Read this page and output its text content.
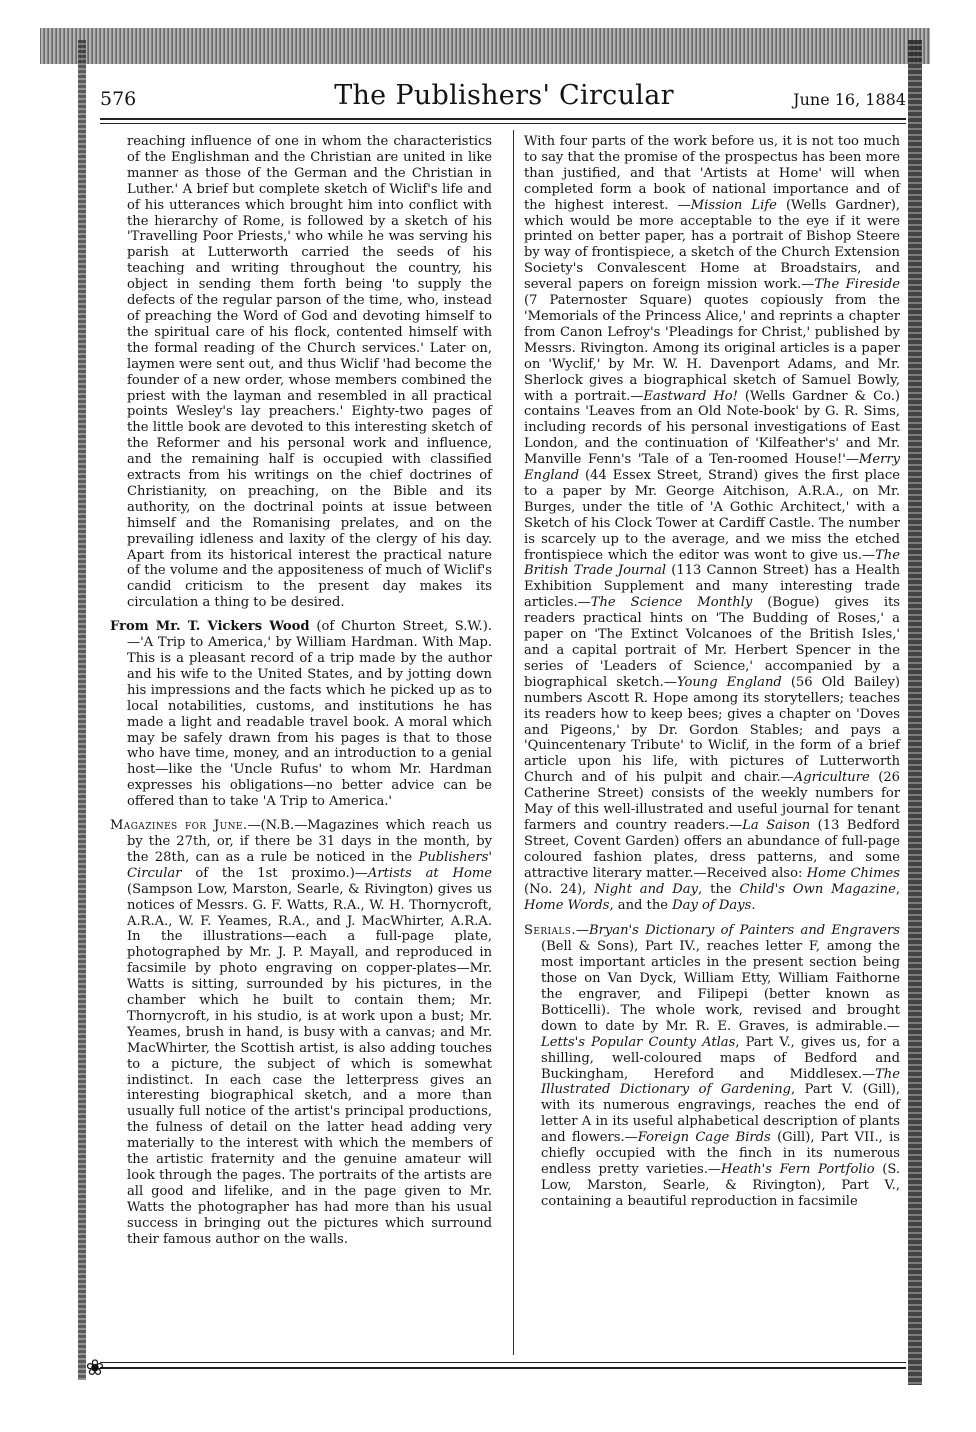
576	The Publishers' Circular	June 16, 1884

reaching influence of one in whom the characteristics of the Englishman and the Christian are united in like manner as those of the German and the Christian in Luther.' A brief but complete sketch of Wiclif's life and of his utterances which brought him into conflict with the hierarchy of Rome, is followed by a sketch of his 'Travelling Poor Priests,' who while he was serving his parish at Lutterworth carried the seeds of his teaching and writing throughout the country, his object in sending them forth being 'to supply the defects of the regular parson of the time, who, instead of preaching the Word of God and devoting himself to the spiritual care of his flock, contented himself with the formal reading of the Church services.' Later on, laymen were sent out, and thus Wiclif 'had become the founder of a new order, whose members combined the priest with the layman and resembled in all practical points Wesley's lay preachers.' Eighty-two pages of the little book are devoted to this interesting sketch of the Reformer and his personal work and influence, and the remaining half is occupied with classified extracts from his writings on the chief doctrines of Christianity, on preaching, on the Bible and its authority, on the doctrinal points at issue between himself and the Romanising prelates, and on the prevailing idleness and laxity of the clergy of his day. Apart from its historical interest the practical nature of the volume and the appositeness of much of Wiclif's candid criticism to the present day makes its circulation a thing to be desired.

From Mr. T. Vickers Wood (of Churton Street, S.W.).—'A Trip to America,' by William Hardman. With Map. This is a pleasant record of a trip made by the author and his wife to the United States, and by jotting down his impressions and the facts which he picked up as to local notabilities, customs, and institutions he has made a light and readable travel book. A moral which may be safely drawn from his pages is that to those who have time, money, and an introduction to a genial host—like the 'Uncle Rufus' to whom Mr. Hardman expresses his obligations—no better advice can be offered than to take 'A Trip to America.'

Magazines for June.—(N.B.—Magazines which reach us by the 27th, or, if there be 31 days in the month, by the 28th, can as a rule be noticed in the Publishers' Circular of the 1st proximo.)—Artists at Home (Sampson Low, Marston, Searle, & Rivington) gives us notices of Messrs. G. F. Watts, R.A., W. H. Thornycroft, A.R.A., W. F. Yeames, R.A., and J. MacWhirter, A.R.A. In the illustrations—each a full-page plate, photographed by Mr. J. P. Mayall, and reproduced in facsimile by photo engraving on copper-plates—Mr. Watts is sitting, surrounded by his pictures, in the chamber which he built to contain them; Mr. Thornycroft, in his studio, is at work upon a bust; Mr. Yeames, brush in hand, is busy with a canvas; and Mr. MacWhirter, the Scottish artist, is also adding touches to a picture, the subject of which is somewhat indistinct. In each case the letterpress gives an interesting biographical sketch, and a more than usually full notice of the artist's principal productions, the fulness of detail on the latter head adding very materially to the interest with which the members of the artistic fraternity and the genuine amateur will look through the pages. The portraits of the artists are all good and lifelike, and in the page given to Mr. Watts the photographer has had more than his usual success in bringing out the pictures which surround their famous author on the walls.

With four parts of the work before us, it is not too much to say that the promise of the prospectus has been more than justified, and that 'Artists at Home' will when completed form a book of national importance and of the highest interest. —Mission Life (Wells Gardner), which would be more acceptable to the eye if it were printed on better paper, has a portrait of Bishop Steere by way of frontispiece, a sketch of the Church Extension Society's Convalescent Home at Broadstairs, and several papers on foreign mission work.—The Fireside (7 Paternoster Square) quotes copiously from the 'Memorials of the Princess Alice,' and reprints a chapter from Canon Lefroy's 'Pleadings for Christ,' published by Messrs. Rivington. Among its original articles is a paper on 'Wyclif,' by Mr. W. H. Davenport Adams, and Mr. Sherlock gives a biographical sketch of Samuel Bowly, with a portrait.—Eastward Ho! (Wells Gardner & Co.) contains 'Leaves from an Old Note-book' by G. R. Sims, including records of his personal investigations of East London, and the continuation of 'Kilfeather's' and Mr. Manville Fenn's 'Tale of a Ten-roomed House!'—Merry England (44 Essex Street, Strand) gives the first place to a paper by Mr. George Aitchison, A.R.A., on Mr. Burges, under the title of 'A Gothic Architect,' with a Sketch of his Clock Tower at Cardiff Castle. The number is scarcely up to the average, and we miss the etched frontispiece which the editor was wont to give us.—The British Trade Journal (113 Cannon Street) has a Health Exhibition Supplement and many interesting trade articles.—The Science Monthly (Bogue) gives its readers practical hints on 'The Budding of Roses,' a paper on 'The Extinct Volcanoes of the British Isles,' and a capital portrait of Mr. Herbert Spencer in the series of 'Leaders of Science,' accompanied by a biographical sketch.—Young England (56 Old Bailey) numbers Ascott R. Hope among its storytellers; teaches its readers how to keep bees; gives a chapter on 'Doves and Pigeons,' by Dr. Gordon Stables; and pays a 'Quincentenary Tribute' to Wiclif, in the form of a brief article upon his life, with pictures of Lutterworth Church and of his pulpit and chair.—Agriculture (26 Catherine Street) consists of the weekly numbers for May of this well-illustrated and useful journal for tenant farmers and country readers.—La Saison (13 Bedford Street, Covent Garden) offers an abundance of full-page coloured fashion plates, dress patterns, and some attractive literary matter.—Received also: Home Chimes (No. 24), Night and Day, the Child's Own Magazine, Home Words, and the Day of Days.

Serials.—Bryan's Dictionary of Painters and Engravers (Bell & Sons), Part IV., reaches letter F, among the most important articles in the present section being those on Van Dyck, William Etty, William Faithorne the engraver, and Filipepi (better known as Botticelli). The whole work, revised and brought down to date by Mr. R. E. Graves, is admirable.—Letts's Popular County Atlas, Part V., gives us, for a shilling, well-coloured maps of Bedford and Buckingham, Hereford and Middlesex.—The Illustrated Dictionary of Gardening, Part V. (Gill), with its numerous engravings, reaches the end of letter A in its useful alphabetical description of plants and flowers.—Foreign Cage Birds (Gill), Part VII., is chiefly occupied with the finch in its numerous endless pretty varieties.—Heath's Fern Portfolio (S. Low, Marston, Searle, & Rivington), Part V., containing a beautiful reproduction in facsimile

❀
